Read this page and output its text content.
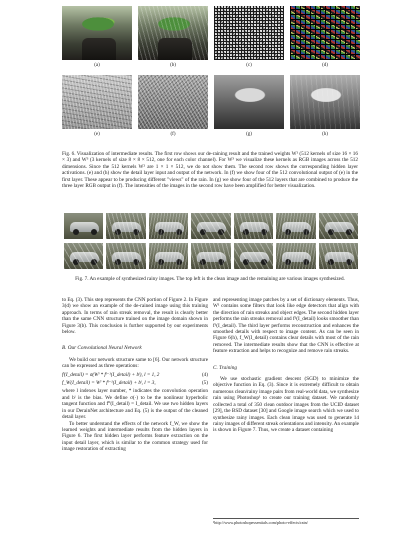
(a)	(b)	(c)	(d)
(e)	(f)	(g)	(h)
Fig. 6. Visualization of intermediate results. The first row shows our de-raining result and the trained weights W¹ (512 kernels of size 16 × 16 × 3) and W³ (3 kernels of size 8 × 8 × 512, one for each color channel). For W³ we visualize these kernels as RGB images across the 512 dimensions. Since the 512 kernels W² are 1 × 1 × 512, we do not show them. The second row shows the corresponding hidden layer activations. (e) and (h) show the detail layer input and output of the network. In (f) we show four of the 512 convolutional output of (e) in the first layer. These appear to be producing different "views" of the rain. In (g) we show four of the 512 layers that are combined to produce the three layer RGB output in (f). The intensities of the images in the second row have been amplified for better visualization.
Fig. 7. An example of synthesized rainy images. The top left is the clean image and the remaining are various images synthesized.

to Eq. (3). This step represents the CNN portion of Figure 2. In Figure 3(d) we show an example of the de-rained image using this training approach. In terms of rain streak removal, the result is clearly better than the same CNN structure trained on the image domain shown in Figure 3(b). This conclusion is further supported by our experiments below.

B. Our Convolutional Neural Network

We build our network structure same to [6]. Our network structure can be expressed as three operations:

fˡ(I_detail) = σ(Wˡ * fˡ⁻¹(I_detail) + bˡ), l = 1, 2	(4)
f_W(I_detail) = Wˡ * fˡ⁻¹(I_detail) + bˡ, l = 3,	(5)

where l indexes layer number, * indicates the convolution operation and bˡ is the bias. We define σ(·) to be the nonlinear hyperbolic tangent function and f⁰(I_detail) = I_detail. We use two hidden layers in our DerainNet architecture and Eq. (5) is the output of the cleaned detail layer.

To better understand the effects of the network f_W, we show the learned weights and intermediate results from the hidden layers in Figure 6. The first hidden layer performs feature extraction on the input detail layer, which is similar to the common strategy used for image restoration of extracting

and representing image patches by a set of dictionary elements. Thus, W¹ contains some filters that look like edge detectors that align with the direction of rain streaks and object edges. The second hidden layer performs the rain streaks removal and f²(I_detail) looks smoother than f¹(I_detail). The third layer performs reconstruction and enhances the smoothed details with respect to image content. As can be seen in Figure 6(h), f_W(I_detail) contains clear details with most of the rain removed. The intermediate results show that the CNN is effective at feature extraction and helps to recognize and remove rain streaks.

C. Training

We use stochastic gradient descent (SGD) to minimize the objective function in Eq. (3). Since it is extremely difficult to obtain numerous clean/rainy image pairs from real-world data, we synthesize rain using Photoshop¹ to create our training dataset. We randomly collected a total of 350 clean outdoor images from the UCID dataset [29], the BSD dataset [30] and Google image search which we used to synthesize rainy images. Each clean image was used to generate 14 rainy images of different streak orientations and intensity. An example is shown in Figure 7. Thus, we create a dataset containing

¹http://www.photoshopessentials.com/photo-effects/rain/
